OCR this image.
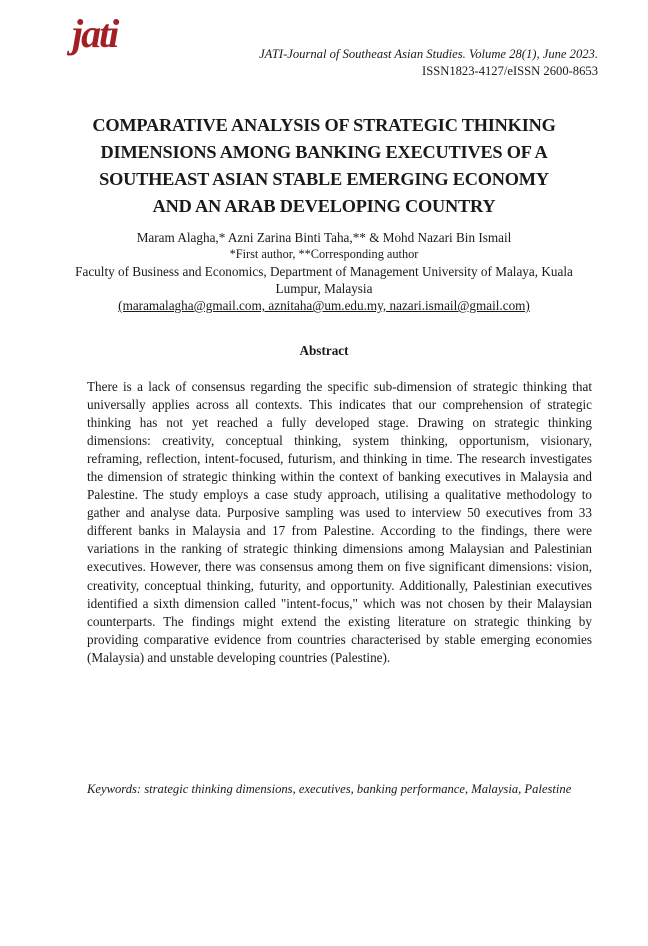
jati	JATI-Journal of Southeast Asian Studies. Volume 28(1), June 2023.
ISSN1823-4127/eISSN 2600-8653
COMPARATIVE ANALYSIS OF STRATEGIC THINKING
DIMENSIONS AMONG BANKING EXECUTIVES OF A
SOUTHEAST ASIAN STABLE EMERGING ECONOMY
AND AN ARAB DEVELOPING COUNTRY
Maram Alagha,* Azni Zarina Binti Taha,** & Mohd Nazari Bin Ismail
*First author, **Corresponding author
Faculty of Business and Economics, Department of Management University of Malaya, Kuala
Lumpur, Malaysia
(maramalagha@gmail.com, aznitaha@um.edu.my, nazari.ismail@gmail.com)
Abstract
There is a lack of consensus regarding the specific sub-dimension of strategic thinking that universally applies across all contexts. This indicates that our comprehension of strategic thinking has not yet reached a fully developed stage. Drawing on strategic thinking dimensions: creativity, conceptual thinking, system thinking, opportunism, visionary, reframing, reflection, intent-focused, futurism, and thinking in time. The research investigates the dimension of strategic thinking within the context of banking executives in Malaysia and Palestine. The study employs a case study approach, utilising a qualitative methodology to gather and analyse data. Purposive sampling was used to interview 50 executives from 33 different banks in Malaysia and 17 from Palestine. According to the findings, there were variations in the ranking of strategic thinking dimensions among Malaysian and Palestinian executives. However, there was consensus among them on five significant dimensions: vision, creativity, conceptual thinking, futurity, and opportunity. Additionally, Palestinian executives identified a sixth dimension called "intent-focus," which was not chosen by their Malaysian counterparts. The findings might extend the existing literature on strategic thinking by providing comparative evidence from countries characterised by stable emerging economies (Malaysia) and unstable developing countries (Palestine).
Keywords: strategic thinking dimensions, executives, banking performance, Malaysia, Palestine
